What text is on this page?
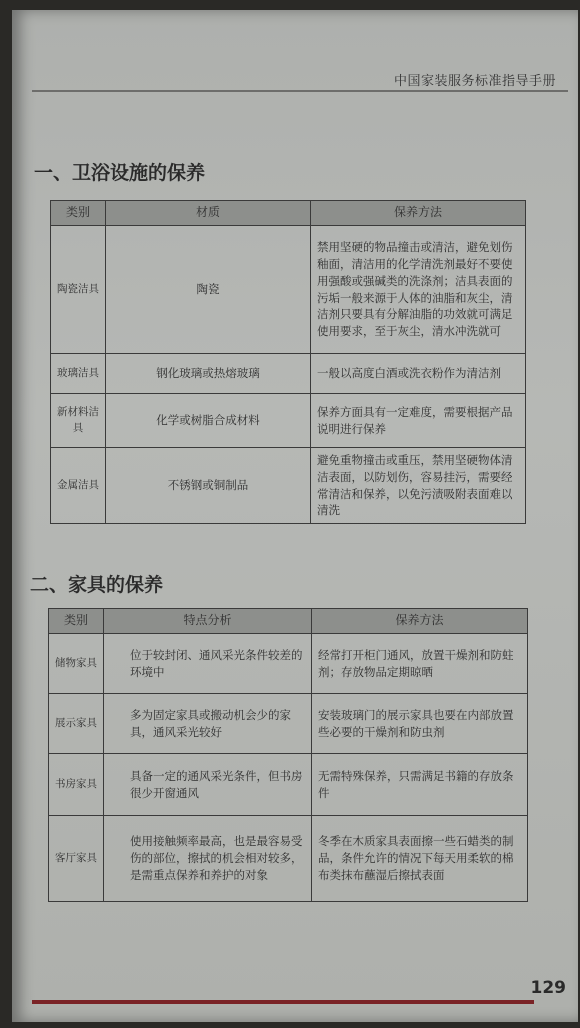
中国家装服务标准指导手册
一、卫浴设施的保养
类别	材质	保养方法
陶瓷洁具	陶瓷	禁用坚硬的物品撞击或清洁，避免划伤釉面，清洁用的化学清洗剂最好不要使用强酸或强碱类的洗涤剂；洁具表面的污垢一般来源于人体的油脂和灰尘，清洁剂只要具有分解油脂的功效就可满足使用要求，至于灰尘，清水冲洗就可
玻璃洁具	钢化玻璃或热熔玻璃	一般以高度白酒或洗衣粉作为清洁剂
新材料洁具	化学或树脂合成材料	保养方面具有一定难度，需要根据产品说明进行保养
金属洁具	不锈钢或铜制品	避免重物撞击或重压，禁用坚硬物体清洁表面，以防划伤，容易挂污，需要经常清洁和保养，以免污渍吸附表面难以清洗
二、家具的保养
类别	特点分析	保养方法
储物家具	位于较封闭、通风采光条件较差的环境中	经常打开柜门通风，放置干燥剂和防蛀剂；存放物品定期晾晒
展示家具	多为固定家具或搬动机会少的家具，通风采光较好	安装玻璃门的展示家具也要在内部放置些必要的干燥剂和防虫剂
书房家具	具备一定的通风采光条件，但书房很少开窗通风	无需特殊保养，只需满足书籍的存放条件
客厅家具	使用接触频率最高，也是最容易受伤的部位，擦拭的机会相对较多，是需重点保养和养护的对象	冬季在木质家具表面擦一些石蜡类的制品，条件允许的情况下每天用柔软的棉布类抹布蘸湿后擦拭表面
129
